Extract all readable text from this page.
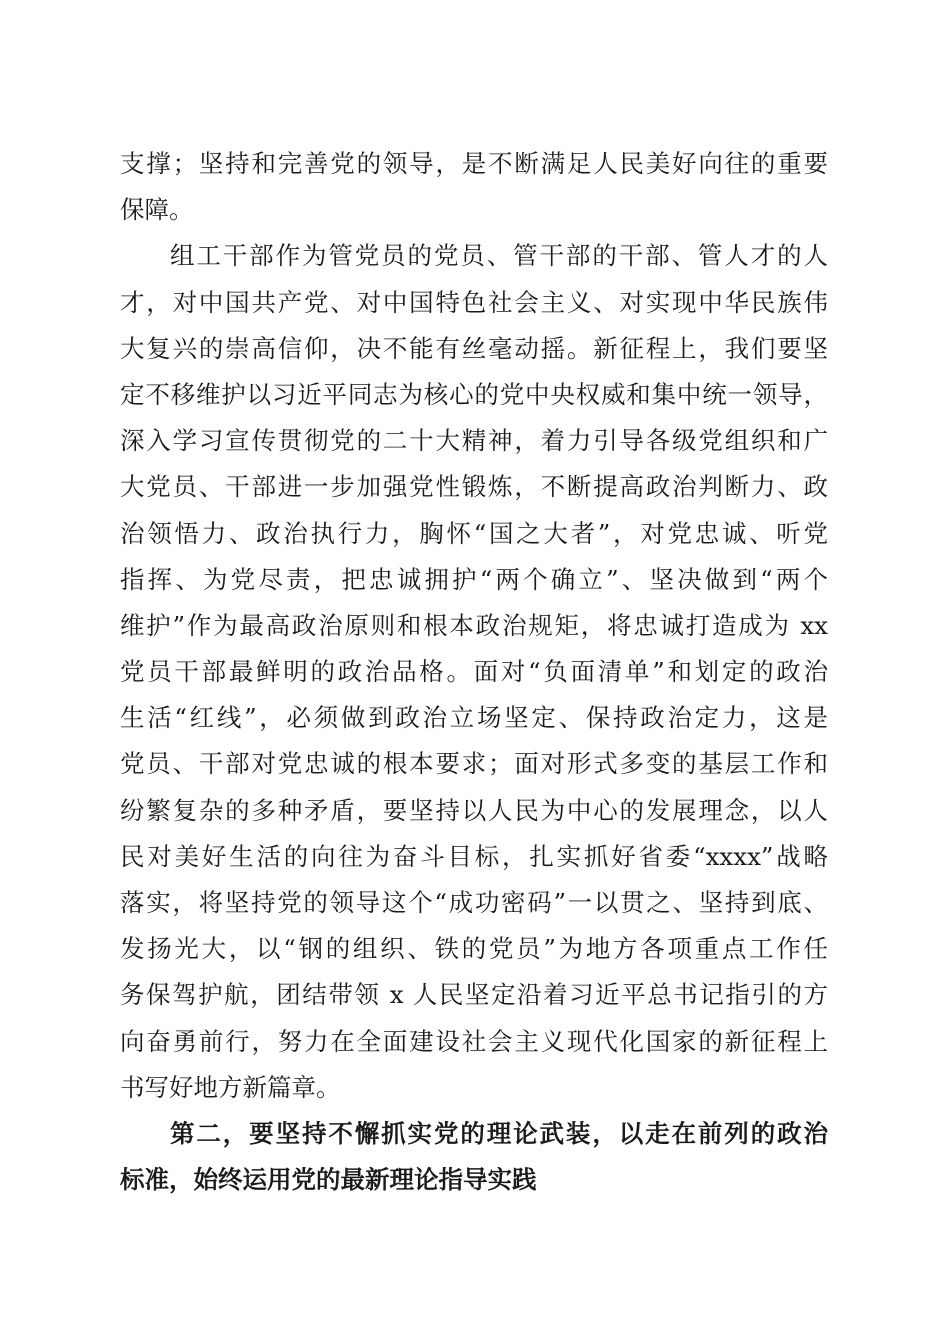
支撑；坚持和完善党的领导，是不断满足人民美好向往的重要
保障。
组工干部作为管党员的党员、管干部的干部、管人才的人
才，对中国共产党、对中国特色社会主义、对实现中华民族伟
大复兴的崇高信仰，决不能有丝毫动摇。新征程上，我们要坚
定不移维护以习近平同志为核心的党中央权威和集中统一领导，
深入学习宣传贯彻党的二十大精神，着力引导各级党组织和广
大党员、干部进一步加强党性锻炼，不断提高政治判断力、政
治领悟力、政治执行力，胸怀“国之大者”，对党忠诚、听党
指挥、为党尽责，把忠诚拥护“两个确立”、坚决做到“两个
维护”作为最高政治原则和根本政治规矩，将忠诚打造成为 xx
党员干部最鲜明的政治品格。面对“负面清单”和划定的政治
生活“红线”，必须做到政治立场坚定、保持政治定力，这是
党员、干部对党忠诚的根本要求；面对形式多变的基层工作和
纷繁复杂的多种矛盾，要坚持以人民为中心的发展理念，以人
民对美好生活的向往为奋斗目标，扎实抓好省委“xxxx”战略
落实，将坚持党的领导这个“成功密码”一以贯之、坚持到底、
发扬光大，以“钢的组织、铁的党员”为地方各项重点工作任
务保驾护航，团结带领 x 人民坚定沿着习近平总书记指引的方
向奋勇前行，努力在全面建设社会主义现代化国家的新征程上
书写好地方新篇章。
第二，要坚持不懈抓实党的理论武装，以走在前列的政治
标准，始终运用党的最新理论指导实践
